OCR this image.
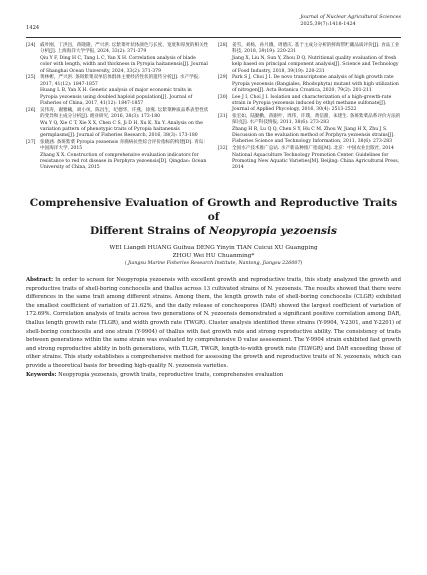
1424
Journal of Nuclear Agricultural Sciences
2025,39(7):1418-1424
[24] 戚叶刚，丁洪昌，蒋隆隆，严兴洪. 坛紫菜叶状体颜色与长度、宽度和厚度的相关性分析[J]. 上海海洋大学学报, 2024, 33(2): 371-379
Qiu Y F, Ding H C, Tang L C, Yan X H. Correlation analysis of blade color with length, width and thickness in Pyropia haitanensis[J]. Journal of Shanghai Ocean University, 2024, 33(2): 371-379
[25] 黄林彬，严兴洪. 条斑紫菜双单倍体群体主要经济性状的遗传分析[J]. 水产学报, 2017, 41(12): 1847-1857
Huang L B, Yan X H. Genetic analysis of major economic traits in Pyropia yezoensis using doubled haploid population[J]. Journal of Fisheries of China, 2017, 41(12): 1847-1857
[26] 吴伟涛，谢雅曦，胡小凤，陈昌生，纪德华，许燕，徐燕. 坛紫菜种质品系表型性状的变异和主成分分析[J]. 渔业研究, 2016, 38(3): 173-180
Wu Y Q, Xie C T, Xie X X, Chen C S, Ji D H, Xu K, Xu Y. Analysis on the variation pattern of phenotypic traits of Pyropia haitanensis germplasms[J]. Journal of Fisheries Research, 2016, 38(3): 173-180
[27] 张晓涵. 条斑紫菜 Pyropia yezoensis 赤腐病抗性综合评价指标的构建[D]. 青岛：中国海洋大学, 2015
Zhang X X. Construction of comprehensive evaluation indicators for resistance to red rot disease in Porphyra yezoensis[D]. Qingdao: Ocean University of China, 2015
[28] 姜雪，刘杨，孙月娥，周德庆. 基于主成分分析的鲜海带贮藏品质评价[J]. 食品工业科技, 2018, 39(19): 220-231
Jiang X, Liu N, Sun Y, Zhou D Q. Nutritional quality evaluation of fresh kelp based on principal component analysis[J]. Science and Technology of Food Industry, 2018, 39(19): 220-231
[29] Park S J, Choi J I. De novo transcriptome analysis of high growth rate Pyropia yezoensis (Bangiales, Rhodophyta) mutant with high utilization of nitrogen[J]. Acta Botanica Croatica, 2020, 79(2): 201-211
[30] Lee J I, Choi J I. Isolation and characterization of a high-growth-rate strain in Pyropia yezoensis induced by ethyl methane sulfonate[J]. Journal of Applied Phycology, 2016, 30(4): 2513-2522
[31] 张宏如，陆勤勤，蒋跟叶，周伟，许璞，黄信甜，朱建生. 条斑紫菜品系评价方法的探讨[J]. 水产科技情报, 2011, 38(6): 273-283
Zhang H R, Lu Q Q, Chen S Y, Hu C M, Zhou W, Jiang H X, Zhu J S. Discussion on the evaluation method of Porphyra yezoensis strains[J]. Fisheries Science and Technology Information, 2011, 38(6): 273-283
[32] 全国水产技术推广总站. 水产新品种推广指南[M]. 北京：中国农业出版社, 2014
National Aquaculture Technology Promotion Center. Guidelines for Promoting New Aquatic Varieties[M]. Beijing: China Agricultural Press, 2014
Comprehensive Evaluation of Growth and Reproductive Traits of
Different Strains of Neopyropia yezoensis
WEI Liangdi HUANG Guihua DENG Yinyin TIAN Cuicui XU Guangping
ZHOU Wei HU Chuanming*
( Jiangsu Marine Fisheries Research Institute, Nantong, Jiangsu 226007)
Abstract: In order to screen for Neopyropia yezoensis with excellent growth and reproductive traits, this study analyzed the growth and reproductive traits of shell-boring conchocelis and thallus across 13 cultivated strains of N. yezoensis. The results showed that there were differences in the same trait among different strains. Among them, the length growth rate of shell-boring conchocelis (CLGR) exhibited the smallest coefficient of variation of 21.62%, and the daily release of conchospores (DAR) showed the largest coefficient of variation of 172.69%. Correlation analysis of traits across two generations of N. yezoensis demonstrated a significant positive correlation among DAR, thallus length growth rate (TLGR), and width growth rate (TWGR). Cluster analysis identified three strains (Y-9904, Y-2301, and Y-2201) of shell-boring conchocelis and one strain (Y-9904) of thallus with fast growth rate and strong reproductive ability. The consistency of traits between generations within the same strain was evaluated by comprehensive D value assessment. The Y-9904 strain exhibited fast growth and strong reproductive ability in both generations, with TLGR, TWGR, length-to-width growth rate (TLWGR) and DAR exceeding those of other strains. This study establishes a comprehensive method for assessing the growth and reproductive traits of N. yezoensis, which can provide a theoretical basis for breeding high-quality N. yezoensis varieties.
Keywords: Neopyropia yezoensis, growth traits, reproductive traits, comprehensive evaluation
